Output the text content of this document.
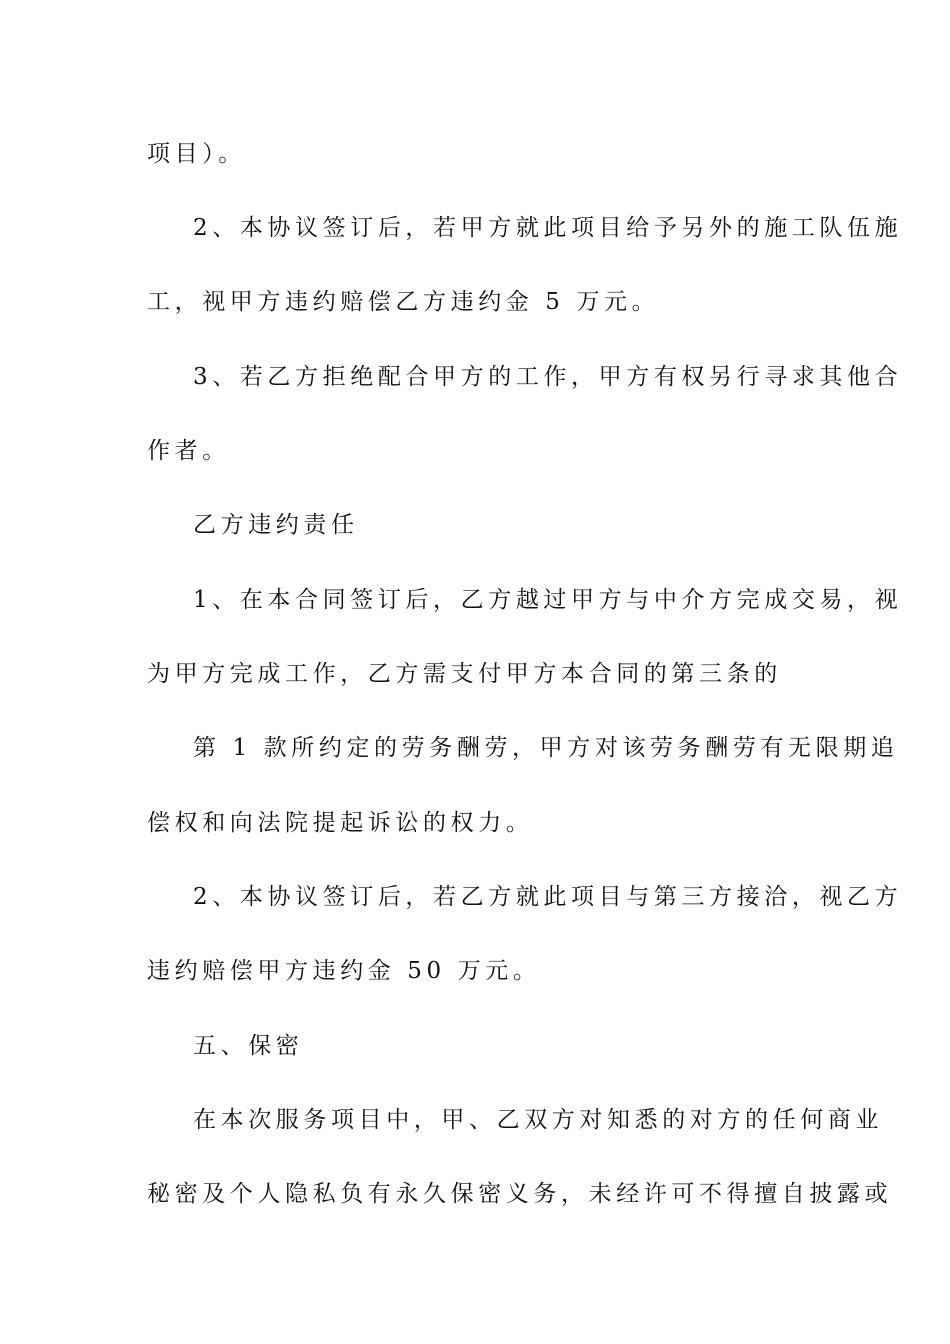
项目）。
2、本协议签订后，若甲方就此项目给予另外的施工队伍施
工，视甲方违约赔偿乙方违约金 5 万元。
3、若乙方拒绝配合甲方的工作，甲方有权另行寻求其他合
作者。
乙方违约责任
1、在本合同签订后，乙方越过甲方与中介方完成交易，视
为甲方完成工作，乙方需支付甲方本合同的第三条的
第 1 款所约定的劳务酬劳，甲方对该劳务酬劳有无限期追
偿权和向法院提起诉讼的权力。
2、本协议签订后，若乙方就此项目与第三方接洽，视乙方
违约赔偿甲方违约金 50 万元。
五、保密
在本次服务项目中，甲、乙双方对知悉的对方的任何商业
秘密及个人隐私负有永久保密义务，未经许可不得擅自披露或
